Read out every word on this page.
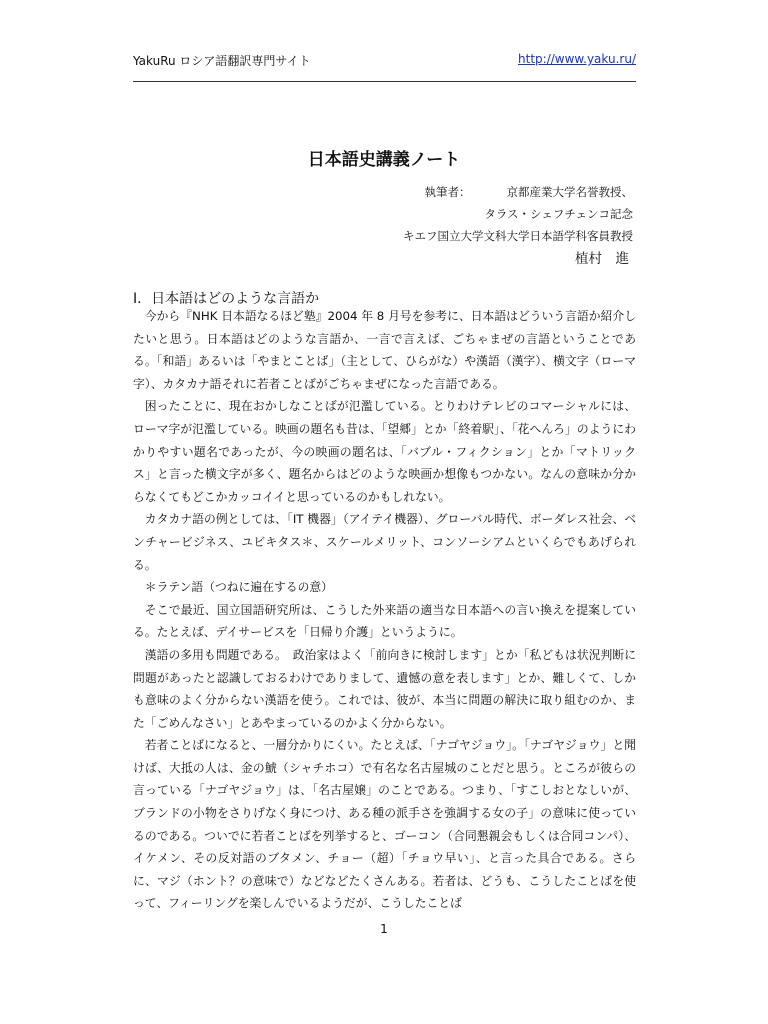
YakuRu ロシア語翻訳専門サイト	http://www.yaku.ru/
日本語史講義ノート
執筆者：	京都産業大学名誉教授、
タラス・シェフチェンコ記念
キエフ国立大学文科大学日本語学科客員教授
植村　進
Ⅰ．日本語はどのような言語か

今から『NHK 日本語なるほど塾』2004 年 8 月号を参考に、日本語はどういう言語か紹介したいと思う。日本語はどのような言語か、一言で言えば、ごちゃまぜの言語ということである。「和語」あるいは「やまとことば」（主として、ひらがな）や漢語（漢字）、横文字（ローマ字）、カタカナ語それに若者ことばがごちゃまぜになった言語である。

困ったことに、現在おかしなことばが氾濫している。とりわけテレビのコマーシャルには、ローマ字が氾濫している。映画の題名も昔は、「望郷」とか「終着駅」、「花へんろ」のようにわかりやすい題名であったが、今の映画の題名は、「バブル・フィクション」とか「マトリックス」と言った横文字が多く、題名からはどのような映画か想像もつかない。なんの意味か分からなくてもどこかカッコイイと思っているのかもしれない。

カタカナ語の例としては、「IT 機器」（アイテイ機器）、グローバル時代、ボーダレス社会、ベンチャービジネス、ユビキタス＊、スケールメリット、コンソーシアムといくらでもあげられる。

＊ラテン語（つねに遍在するの意）

そこで最近、国立国語研究所は、こうした外来語の適当な日本語への言い換えを提案している。たとえば、デイサービスを「日帰り介護」というように。

漢語の多用も問題である。　政治家はよく「前向きに検討します」とか「私どもは状況判断に問題があったと認識しておるわけでありまして、遺憾の意を表します」とか、難しくて、しかも意味のよく分からない漢語を使う。これでは、彼が、本当に問題の解決に取り組むのか、また「ごめんなさい」とあやまっているのかよく分からない。

若者ことばになると、一層分かりにくい。たとえば、「ナゴヤジョウ」。「ナゴヤジョウ」と聞けば、大抵の人は、金の鯱（シャチホコ）で有名な名古屋城のことだと思う。ところが彼らの言っている「ナゴヤジョウ」は、「名古屋嬢」のことである。つまり、「すこしおとなしいが、ブランドの小物をさりげなく身につけ、ある種の派手さを強調する女の子」の意味に使っているのである。ついでに若者ことばを列挙すると、ゴーコン（合同懇親会もしくは合同コンパ）、イケメン、その反対語のブタメン、チョー（超）「チョウ早い」、と言った具合である。さらに、マジ（ホント？の意味で）などなどたくさんある。若者は、どうも、こうしたことばを使って、フィーリングを楽しんでいるようだが、こうしたことば

1
